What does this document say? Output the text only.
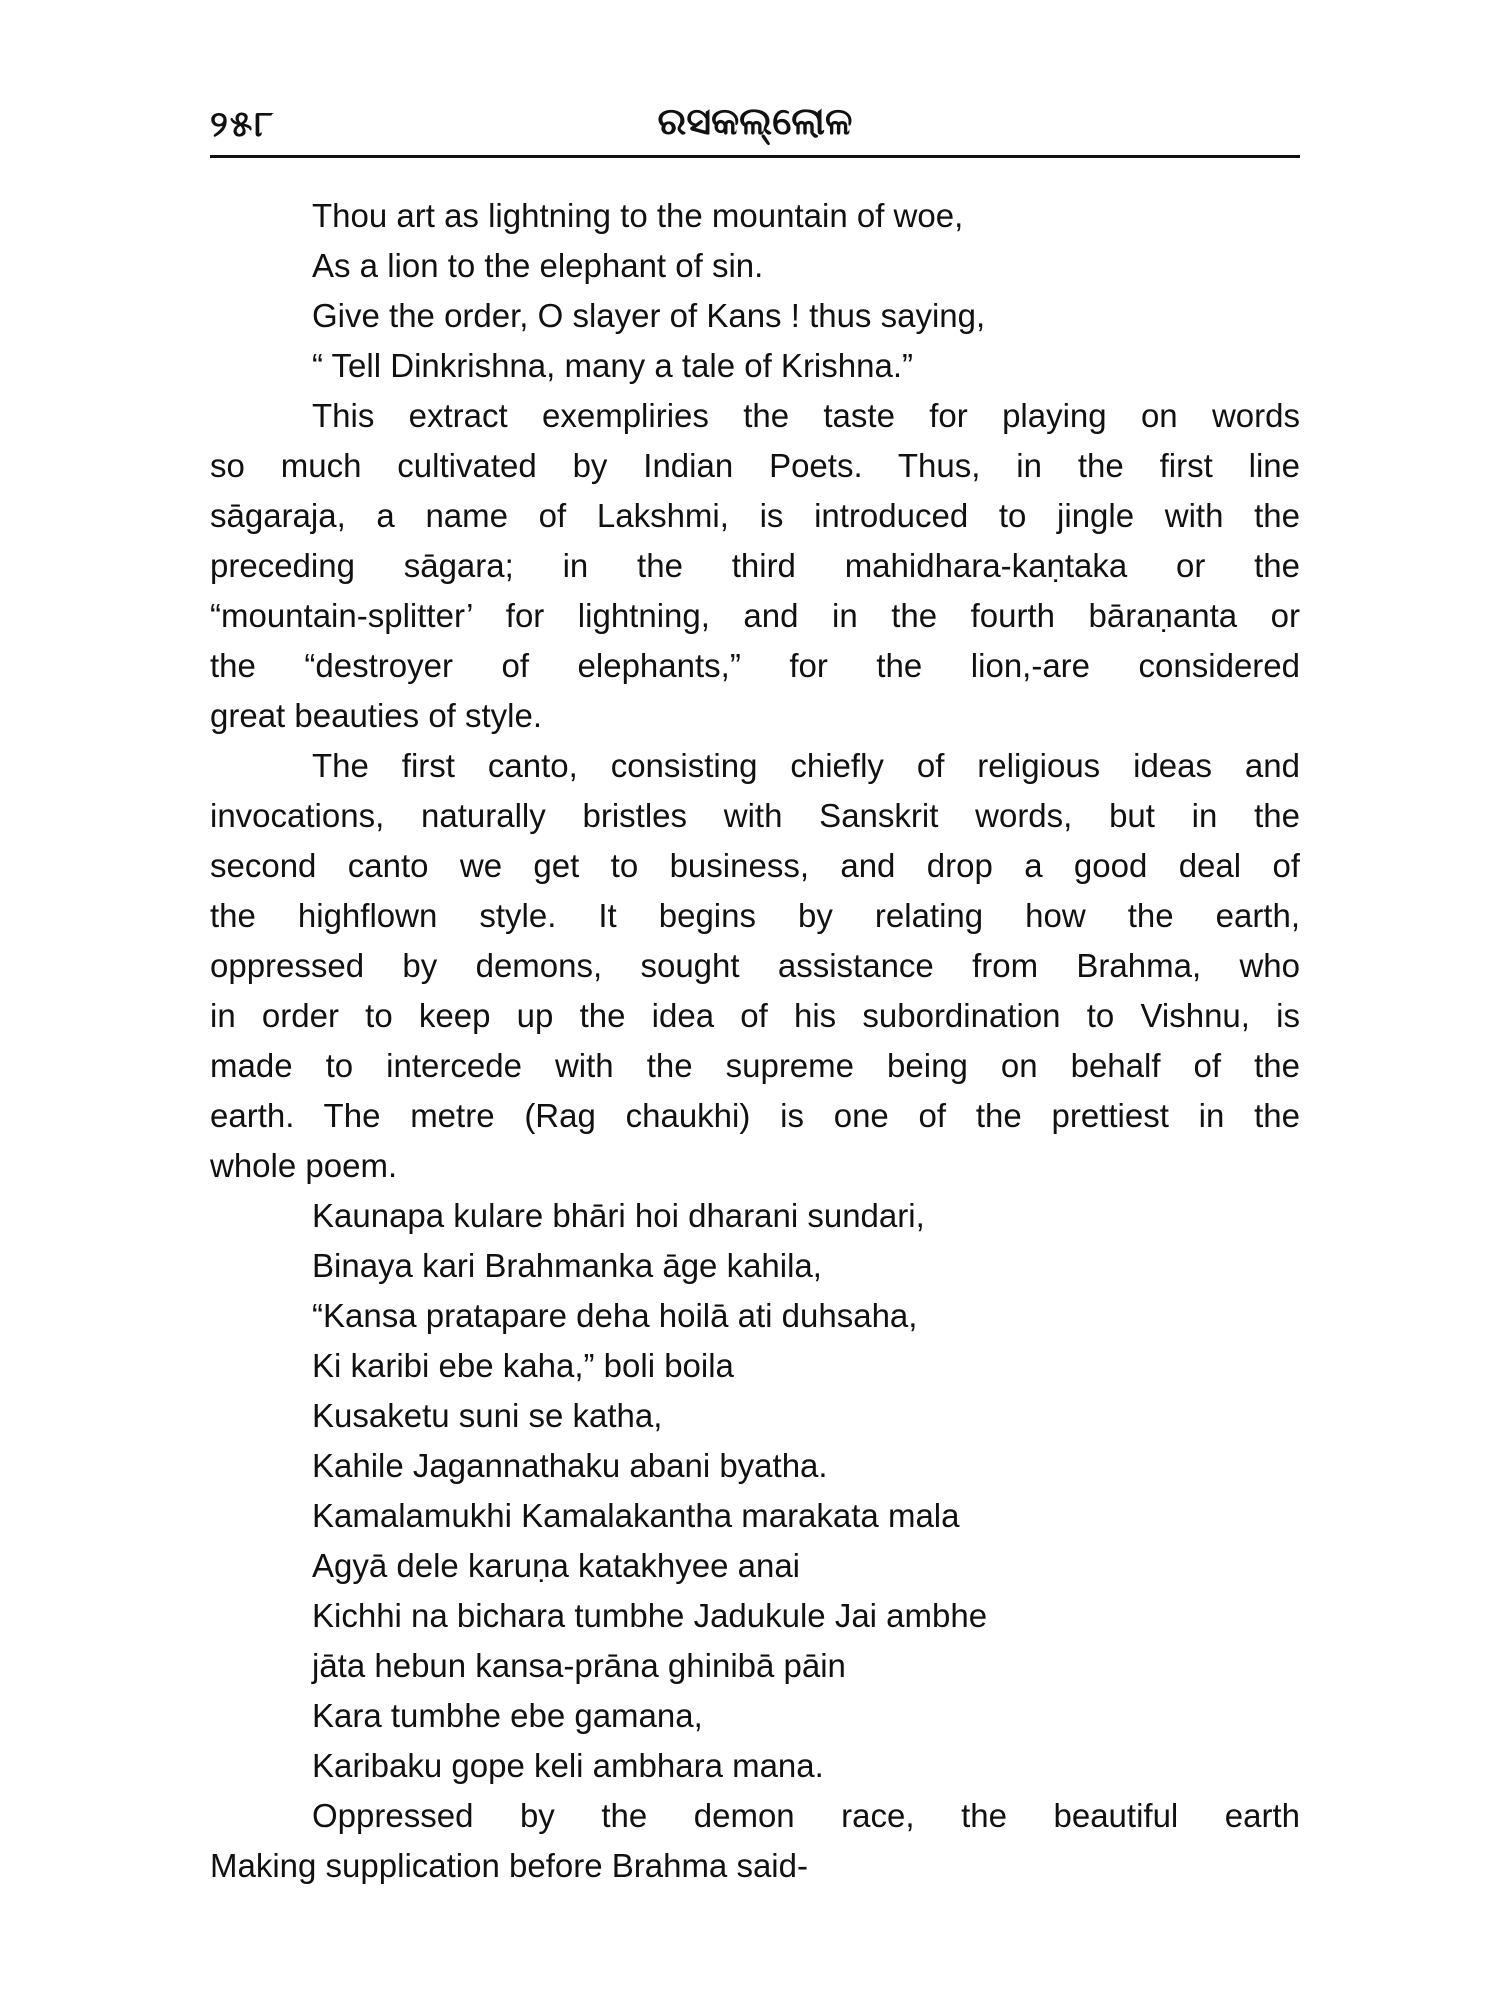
୨୫୮	ରସକଲ୍ଲୋଳ
Thou art as lightning to the mountain of woe,
As a lion to the elephant of sin.
Give the order, O slayer of Kans ! thus saying,
“ Tell Dinkrishna, many a tale of Krishna.”
This extract exempliries the taste for playing on words
so much cultivated by Indian Poets. Thus, in the first line
sāgaraja, a name of Lakshmi, is introduced to jingle with the
preceding sāgara; in the third mahidhara-kaṇtaka or the
“mountain-splitter’ for lightning, and in the fourth bāraṇanta or
the “destroyer of elephants,” for the lion,-are considered
great beauties of style.
The first canto, consisting chiefly of religious ideas and
invocations, naturally bristles with Sanskrit words, but in the
second canto we get to business, and drop a good deal of
the highflown style. It begins by relating how the earth,
oppressed by demons, sought assistance from Brahma, who
in order to keep up the idea of his subordination to Vishnu, is
made to intercede with the supreme being on behalf of the
earth. The metre (Rag chaukhi) is one of the prettiest in the
whole poem.
Kaunapa kulare bhāri hoi dharani sundari,
Binaya kari Brahmanka āge kahila,
“Kansa pratapare deha hoilā ati duhsaha,
Ki karibi ebe kaha,” boli boila
Kusaketu suni se katha,
Kahile Jagannathaku abani byatha.
Kamalamukhi Kamalakantha marakata mala
Agyā dele karuṇa katakhyee anai
Kichhi na bichara tumbhe Jadukule Jai ambhe
jāta hebun kansa-prāna ghinibā pāin
Kara tumbhe ebe gamana,
Karibaku gope keli ambhara mana.
Oppressed by the demon race, the beautiful earth
Making supplication before Brahma said-
